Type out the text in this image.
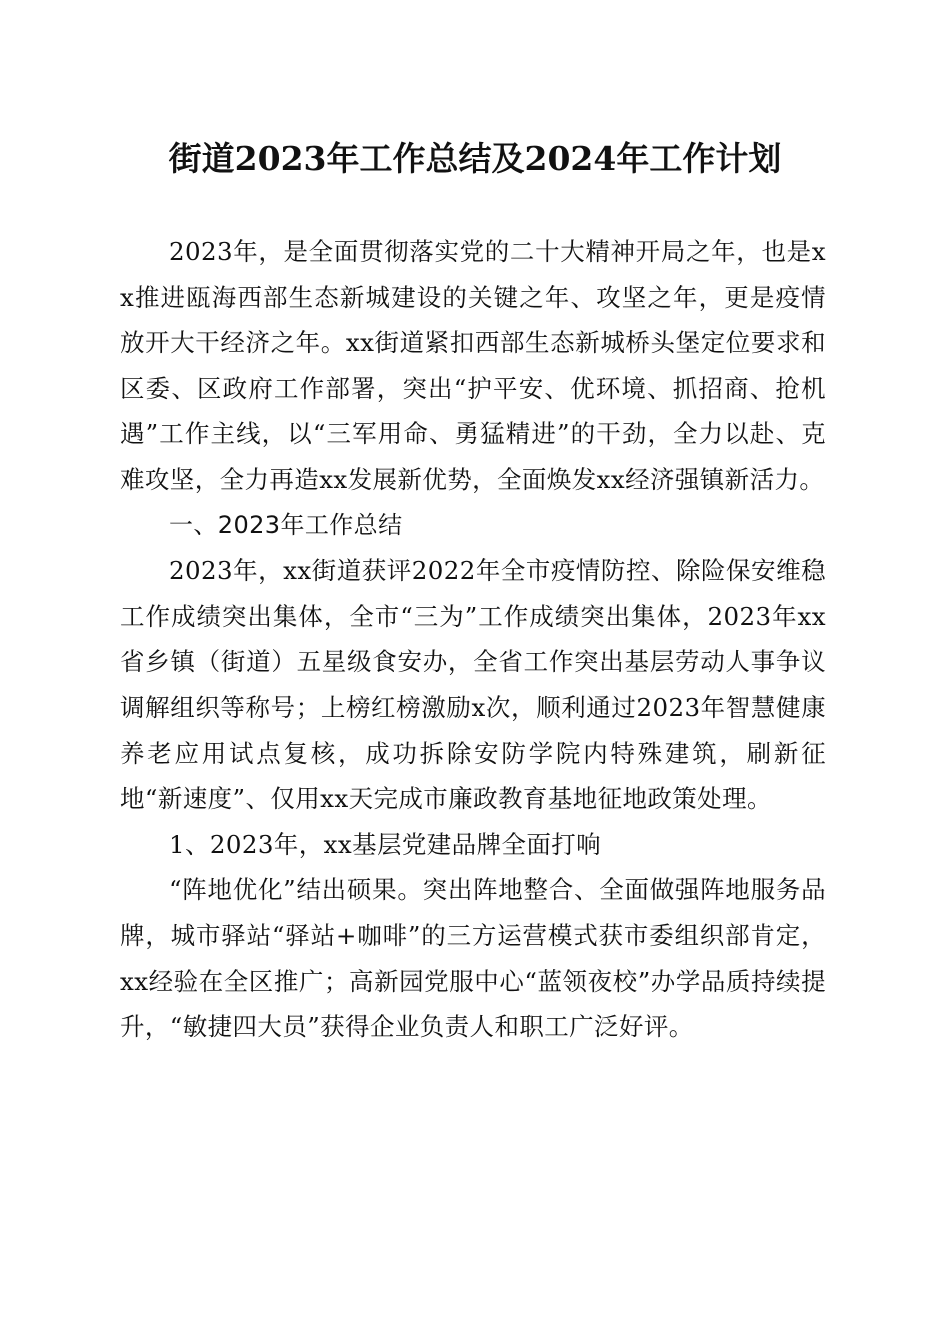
街道2023年工作总结及2024年工作计划

2023年，是全面贯彻落实党的二十大精神开局之年，也是xx推进瓯海西部生态新城建设的关键之年、攻坚之年，更是疫情放开大干经济之年。xx街道紧扣西部生态新城桥头堡定位要求和区委、区政府工作部署，突出“护平安、优环境、抓招商、抢机遇”工作主线，以“三军用命、勇猛精进”的干劲，全力以赴、克难攻坚，全力再造xx发展新优势，全面焕发xx经济强镇新活力。

一、2023年工作总结

2023年，xx街道获评2022年全市疫情防控、除险保安维稳工作成绩突出集体，全市“三为”工作成绩突出集体，2023年xx省乡镇（街道）五星级食安办，全省工作突出基层劳动人事争议调解组织等称号；上榜红榜激励x次，顺利通过2023年智慧健康养老应用试点复核，成功拆除安防学院内特殊建筑，刷新征地“新速度”、仅用xx天完成市廉政教育基地征地政策处理。

1、2023年，xx基层党建品牌全面打响

“阵地优化”结出硕果。突出阵地整合、全面做强阵地服务品牌，城市驿站“驿站+咖啡”的三方运营模式获市委组织部肯定，xx经验在全区推广；高新园党服中心“蓝领夜校”办学品质持续提升，“敏捷四大员”获得企业负责人和职工广泛好评。
